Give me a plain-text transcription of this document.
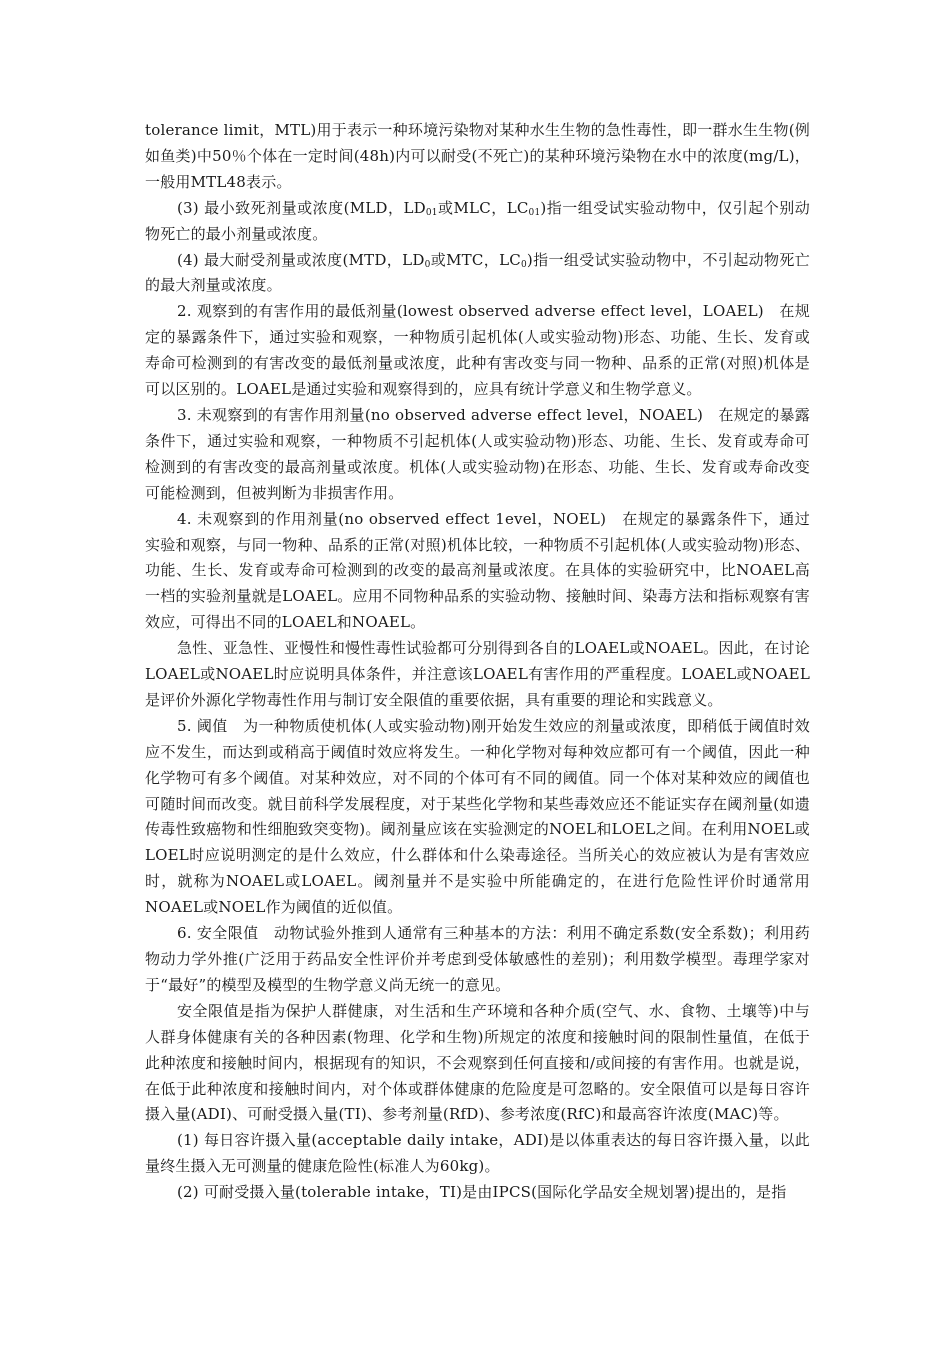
tolerance limit，MTL)用于表示一种环境污染物对某种水生生物的急性毒性，即一群水生生物(例如鱼类)中50％个体在一定时间(48h)内可以耐受(不死亡)的某种环境污染物在水中的浓度(mg/L)，一般用MTL48表示。

(3) 最小致死剂量或浓度(MLD，$LD_{01}$或MLC，$LC_{01}$)指一组受试实验动物中，仅引起个别动物死亡的最小剂量或浓度。

(4) 最大耐受剂量或浓度(MTD，$LD_0$或MTC，$LC_0$)指一组受试实验动物中，不引起动物死亡的最大剂量或浓度。

2. 观察到的有害作用的最低剂量(lowest observed adverse effect level，LOAEL)　在规定的暴露条件下，通过实验和观察，一种物质引起机体(人或实验动物)形态、功能、生长、发育或寿命可检测到的有害改变的最低剂量或浓度，此种有害改变与同一物种、品系的正常(对照)机体是可以区别的。LOAEL是通过实验和观察得到的，应具有统计学意义和生物学意义。

3. 未观察到的有害作用剂量(no observed adverse effect level，NOAEL)　在规定的暴露条件下，通过实验和观察，一种物质不引起机体(人或实验动物)形态、功能、生长、发育或寿命可检测到的有害改变的最高剂量或浓度。机体(人或实验动物)在形态、功能、生长、发育或寿命改变可能检测到，但被判断为非损害作用。

4. 未观察到的作用剂量(no observed effect 1evel，NOEL)　在规定的暴露条件下，通过实验和观察，与同一物种、品系的正常(对照)机体比较，一种物质不引起机体(人或实验动物)形态、功能、生长、发育或寿命可检测到的改变的最高剂量或浓度。在具体的实验研究中，比NOAEL高一档的实验剂量就是LOAEL。应用不同物种品系的实验动物、接触时间、染毒方法和指标观察有害效应，可得出不同的LOAEL和NOAEL。

急性、亚急性、亚慢性和慢性毒性试验都可分别得到各自的LOAEL或NOAEL。因此，在讨论LOAEL或NOAEL时应说明具体条件，并注意该LOAEL有害作用的严重程度。LOAEL或NOAEL是评价外源化学物毒性作用与制订安全限值的重要依据，具有重要的理论和实践意义。

5. 阈值　为一种物质使机体(人或实验动物)刚开始发生效应的剂量或浓度，即稍低于阈值时效应不发生，而达到或稍高于阈值时效应将发生。一种化学物对每种效应都可有一个阈值，因此一种化学物可有多个阈值。对某种效应，对不同的个体可有不同的阈值。同一个体对某种效应的阈值也可随时间而改变。就目前科学发展程度，对于某些化学物和某些毒效应还不能证实存在阈剂量(如遗传毒性致癌物和性细胞致突变物)。阈剂量应该在实验测定的NOEL和LOEL之间。在利用NOEL或LOEL时应说明测定的是什么效应，什么群体和什么染毒途径。当所关心的效应被认为是有害效应时，就称为NOAEL或LOAEL。阈剂量并不是实验中所能确定的，在进行危险性评价时通常用NOAEL或NOEL作为阈值的近似值。

6. 安全限值　动物试验外推到人通常有三种基本的方法：利用不确定系数(安全系数)；利用药物动力学外推(广泛用于药品安全性评价并考虑到受体敏感性的差别)；利用数学模型。毒理学家对于“最好”的模型及模型的生物学意义尚无统一的意见。

安全限值是指为保护人群健康，对生活和生产环境和各种介质(空气、水、食物、土壤等)中与人群身体健康有关的各种因素(物理、化学和生物)所规定的浓度和接触时间的限制性量值，在低于此种浓度和接触时间内，根据现有的知识，不会观察到任何直接和/或间接的有害作用。也就是说，在低于此种浓度和接触时间内，对个体或群体健康的危险度是可忽略的。安全限值可以是每日容许摄入量(ADI)、可耐受摄入量(TI)、参考剂量(RfD)、参考浓度(RfC)和最高容许浓度(MAC)等。

(1) 每日容许摄入量(acceptable daily intake，ADI)是以体重表达的每日容许摄入量，以此量终生摄入无可测量的健康危险性(标准人为60kg)。

(2) 可耐受摄入量(tolerable intake，TI)是由IPCS(国际化学品安全规划署)提出的，是指
